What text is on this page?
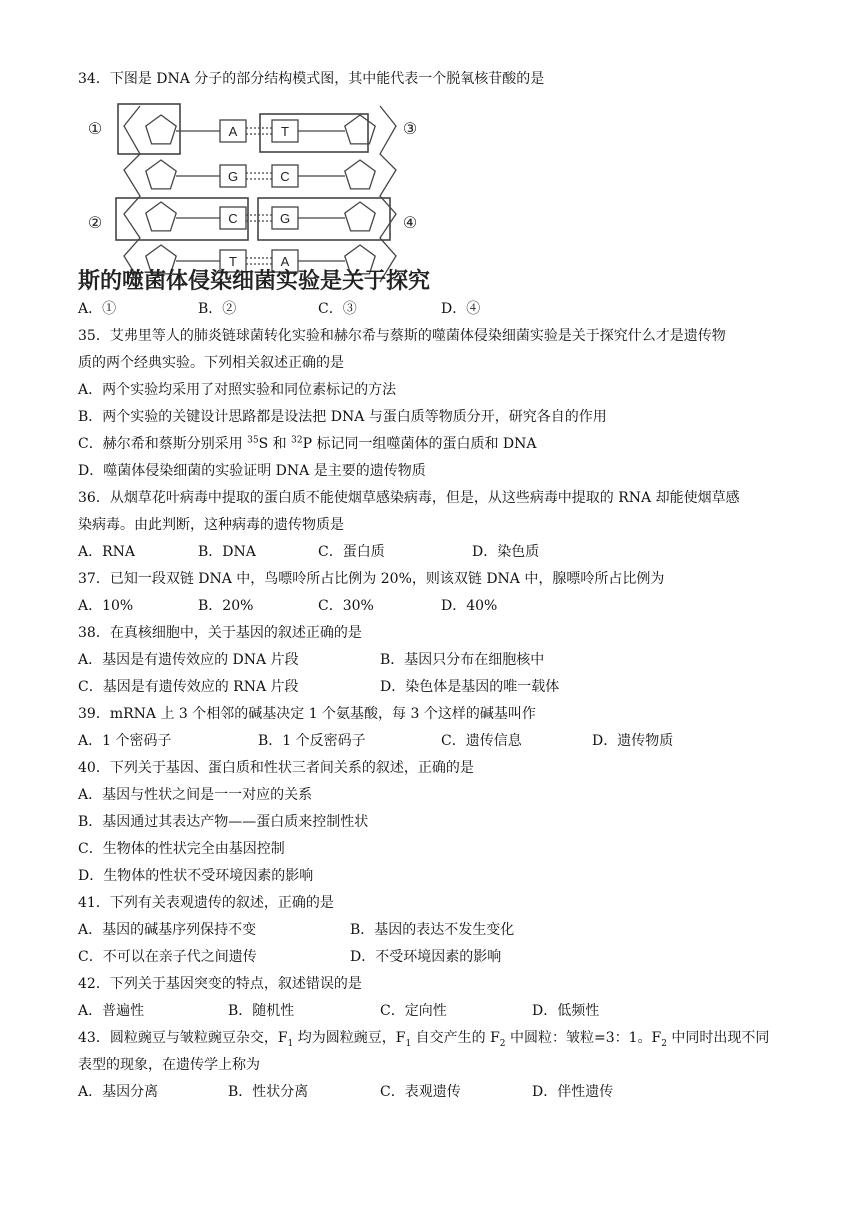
34．下图是 DNA 分子的部分结构模式图，其中能代表一个脱氧核苷酸的是
A	T
G	C
C	G
T	A
①
②
③
④
斯的噬菌体侵染细菌实验是关于探究
A．①	B．②	C．③	D．④
35．艾弗里等人的肺炎链球菌转化实验和赫尔希与蔡斯的噬菌体侵染细菌实验是关于探究什么才是遗传物
质的两个经典实验。下列相关叙述正确的是
A．两个实验均采用了对照实验和同位素标记的方法
B．两个实验的关键设计思路都是设法把 DNA 与蛋白质等物质分开，研究各自的作用
C．赫尔希和蔡斯分别采用 $^{35}$S 和 $^{32}$P 标记同一组噬菌体的蛋白质和 DNA
D．噬菌体侵染细菌的实验证明 DNA 是主要的遗传物质
36．从烟草花叶病毒中提取的蛋白质不能使烟草感染病毒，但是，从这些病毒中提取的 RNA 却能使烟草感
染病毒。由此判断，这种病毒的遗传物质是
A．RNA	B．DNA	C．蛋白质	D．染色质
37．已知一段双链 DNA 中，鸟嘌呤所占比例为 20%，则该双链 DNA 中，腺嘌呤所占比例为
A．10%	B．20%	C．30%	D．40%
38．在真核细胞中，关于基因的叙述正确的是
A．基因是有遗传效应的 DNA 片段	B．基因只分布在细胞核中
C．基因是有遗传效应的 RNA 片段	D．染色体是基因的唯一载体
39．mRNA 上 3 个相邻的碱基决定 1 个氨基酸，每 3 个这样的碱基叫作
A．1 个密码子	B．1 个反密码子	C．遗传信息	D．遗传物质
40．下列关于基因、蛋白质和性状三者间关系的叙述，正确的是
A．基因与性状之间是一一对应的关系
B．基因通过其表达产物——蛋白质来控制性状
C．生物体的性状完全由基因控制
D．生物体的性状不受环境因素的影响
41．下列有关表观遗传的叙述，正确的是
A．基因的碱基序列保持不变	B．基因的表达不发生变化
C．不可以在亲子代之间遗传	D．不受环境因素的影响
42．下列关于基因突变的特点，叙述错误的是
A．普遍性	B．随机性	C．定向性	D．低频性
43．圆粒豌豆与皱粒豌豆杂交，$F_1$ 均为圆粒豌豆，$F_1$ 自交产生的 $F_2$ 中圆粒：皱粒=3：1。$F_2$ 中同时出现不同
表型的现象，在遗传学上称为
A．基因分离	B．性状分离	C．表观遗传	D．伴性遗传
